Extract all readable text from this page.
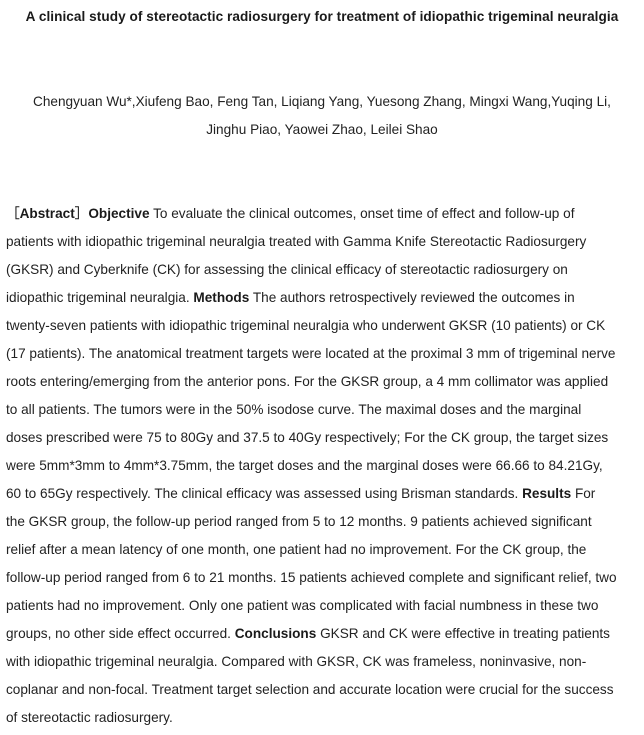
A clinical study of stereotactic radiosurgery for treatment of idiopathic trigeminal neuralgia
Chengyuan Wu*,Xiufeng Bao, Feng Tan, Liqiang Yang, Yuesong Zhang, Mingxi Wang,Yuqing Li,
Jinghu Piao, Yaowei Zhao, Leilei Shao
［Abstract］Objective To evaluate the clinical outcomes, onset time of effect and follow-up of
patients with idiopathic trigeminal neuralgia treated with Gamma Knife Stereotactic Radiosurgery
(GKSR) and Cyberknife (CK) for assessing the clinical efficacy of stereotactic radiosurgery on
idiopathic trigeminal neuralgia. Methods The authors retrospectively reviewed the outcomes in
twenty-seven patients with idiopathic trigeminal neuralgia who underwent GKSR (10 patients) or CK
(17 patients). The anatomical treatment targets were located at the proximal 3 mm of trigeminal nerve
roots entering/emerging from the anterior pons. For the GKSR group, a 4 mm collimator was applied
to all patients. The tumors were in the 50% isodose curve. The maximal doses and the marginal
doses prescribed were 75 to 80Gy and 37.5 to 40Gy respectively; For the CK group, the target sizes
were 5mm*3mm to 4mm*3.75mm, the target doses and the marginal doses were 66.66 to 84.21Gy,
60 to 65Gy respectively. The clinical efficacy was assessed using Brisman standards. Results For
the GKSR group, the follow-up period ranged from 5 to 12 months. 9 patients achieved significant
relief after a mean latency of one month, one patient had no improvement. For the CK group, the
follow-up period ranged from 6 to 21 months. 15 patients achieved complete and significant relief, two
patients had no improvement. Only one patient was complicated with facial numbness in these two
groups, no other side effect occurred. Conclusions GKSR and CK were effective in treating patients
with idiopathic trigeminal neuralgia. Compared with GKSR, CK was frameless, noninvasive, non-
coplanar and non-focal. Treatment target selection and accurate location were crucial for the success
of stereotactic radiosurgery.
